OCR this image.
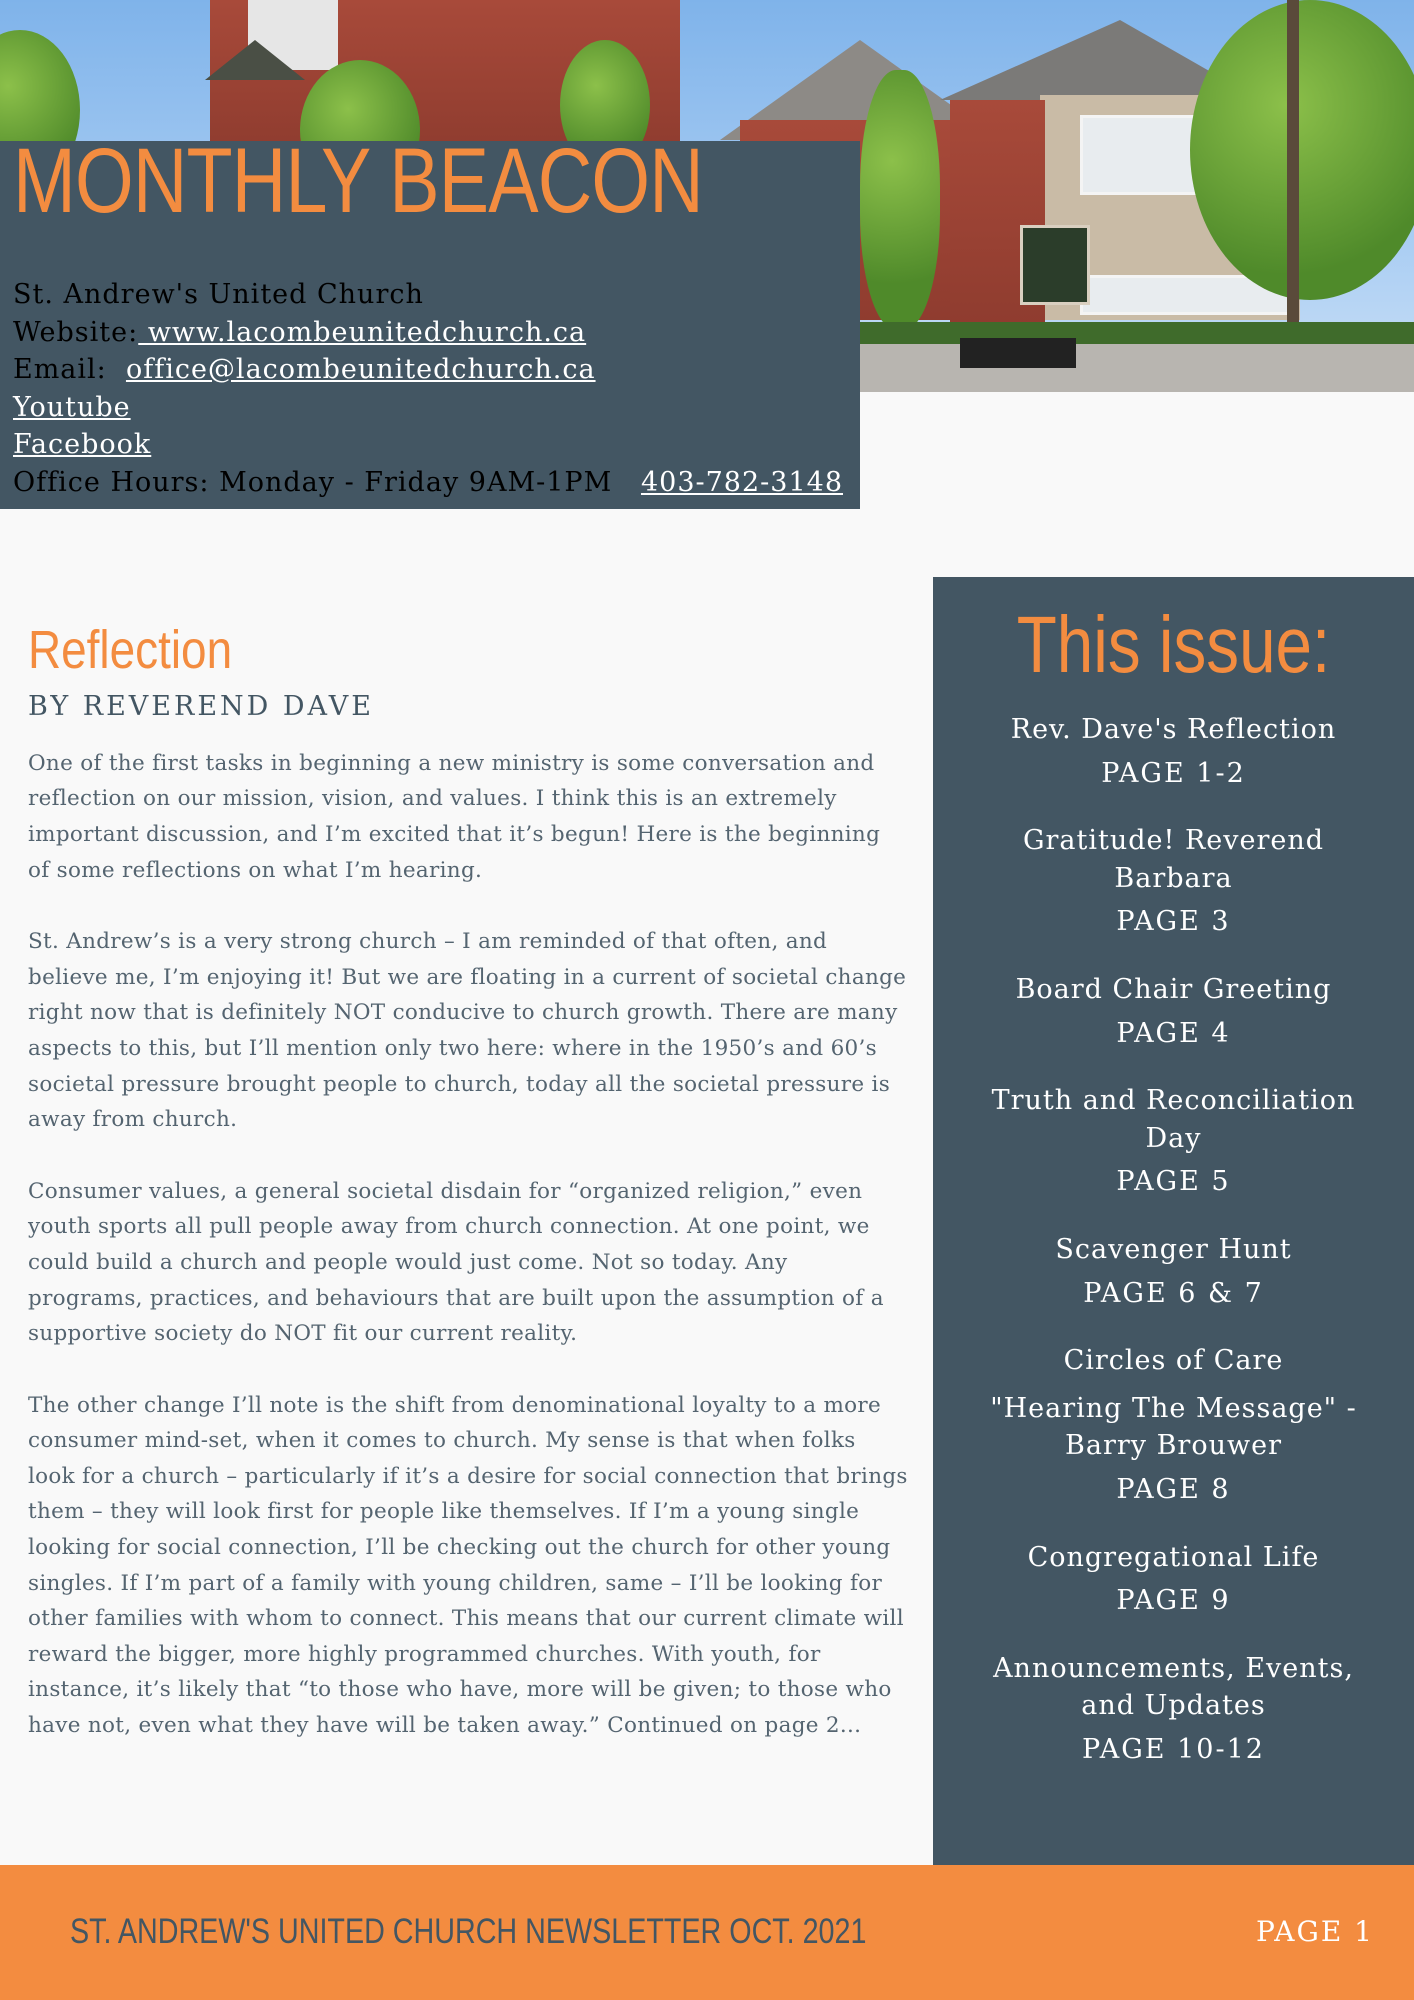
MONTHLY BEACON
St. Andrew's United Church
Website: www.lacombeunitedchurch.ca
Email: office@lacombeunitedchurch.ca
Youtube
Facebook
Office Hours: Monday - Friday 9AM-1PM 403-782-3148
Reflection
BY REVEREND DAVE

One of the first tasks in beginning a new ministry is some conversation and reflection on our mission, vision, and values. I think this is an extremely important discussion, and I’m excited that it’s begun! Here is the beginning of some reflections on what I’m hearing.

St. Andrew’s is a very strong church – I am reminded of that often, and believe me, I’m enjoying it! But we are floating in a current of societal change right now that is definitely NOT conducive to church growth. There are many aspects to this, but I’ll mention only two here: where in the 1950’s and 60’s societal pressure brought people to church, today all the societal pressure is away from church.

Consumer values, a general societal disdain for “organized religion,” even youth sports all pull people away from church connection. At one point, we could build a church and people would just come. Not so today. Any programs, practices, and behaviours that are built upon the assumption of a supportive society do NOT fit our current reality.

The other change I’ll note is the shift from denominational loyalty to a more consumer mind-set, when it comes to church. My sense is that when folks look for a church – particularly if it’s a desire for social connection that brings them – they will look first for people like themselves. If I’m a young single looking for social connection, I’ll be checking out the church for other young singles. If I’m part of a family with young children, same – I’ll be looking for other families with whom to connect. This means that our current climate will reward the bigger, more highly programmed churches. With youth, for instance, it’s likely that “to those who have, more will be given; to those who have not, even what they have will be taken away.” Continued on page 2...

This issue:
Rev. Dave's Reflection
PAGE 1-2
Gratitude! Reverend Barbara
PAGE 3
Board Chair Greeting
PAGE 4
Truth and Reconciliation Day
PAGE 5
Scavenger Hunt
PAGE 6 & 7
Circles of Care
"Hearing The Message" - Barry Brouwer
PAGE 8
Congregational Life
PAGE 9
Announcements, Events, and Updates
PAGE 10-12
ST. ANDREW'S UNITED CHURCH NEWSLETTER OCT. 2021	PAGE 1
